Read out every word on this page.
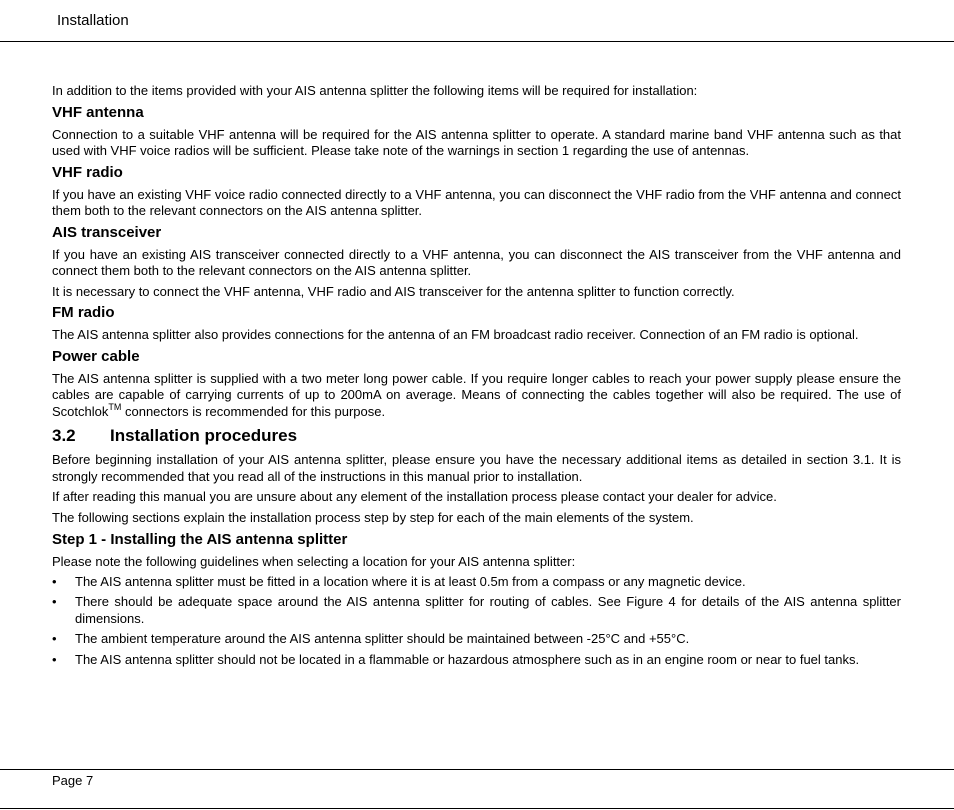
Installation

In addition to the items provided with your AIS antenna splitter the following items will be required for installation:

VHF antenna

Connection to a suitable VHF antenna will be required for the AIS antenna splitter to operate. A standard marine band VHF antenna such as that used with VHF voice radios will be sufficient. Please take note of the warnings in section 1 regarding the use of antennas.

VHF radio

If you have an existing VHF voice radio connected directly to a VHF antenna, you can disconnect the VHF radio from the VHF antenna and connect them both to the relevant connectors on the AIS antenna splitter.

AIS transceiver

If you have an existing AIS transceiver connected directly to a VHF antenna, you can disconnect the AIS transceiver from the VHF antenna and connect them both to the relevant connectors on the AIS antenna splitter.

It is necessary to connect the VHF antenna, VHF radio and AIS transceiver for the antenna splitter to function correctly.

FM radio

The AIS antenna splitter also provides connections for the antenna of an FM broadcast radio receiver. Connection of an FM radio is optional.

Power cable

The AIS antenna splitter is supplied with a two meter long power cable. If you require longer cables to reach your power supply please ensure the cables are capable of carrying currents of up to 200mA on average. Means of connecting the cables together will also be required. The use of Scotchlok™ connectors is recommended for this purpose.

3.2 Installation procedures

Before beginning installation of your AIS antenna splitter, please ensure you have the necessary additional items as detailed in section 3.1. It is strongly recommended that you read all of the instructions in this manual prior to installation.

If after reading this manual you are unsure about any element of the installation process please contact your dealer for advice.

The following sections explain the installation process step by step for each of the main elements of the system.

Step 1 - Installing the AIS antenna splitter

Please note the following guidelines when selecting a location for your AIS antenna splitter:

• The AIS antenna splitter must be fitted in a location where it is at least 0.5m from a compass or any magnetic device.
• There should be adequate space around the AIS antenna splitter for routing of cables. See Figure 4 for details of the AIS antenna splitter dimensions.
• The ambient temperature around the AIS antenna splitter should be maintained between -25°C and +55°C.
• The AIS antenna splitter should not be located in a flammable or hazardous atmosphere such as in an engine room or near to fuel tanks.
Page 7
